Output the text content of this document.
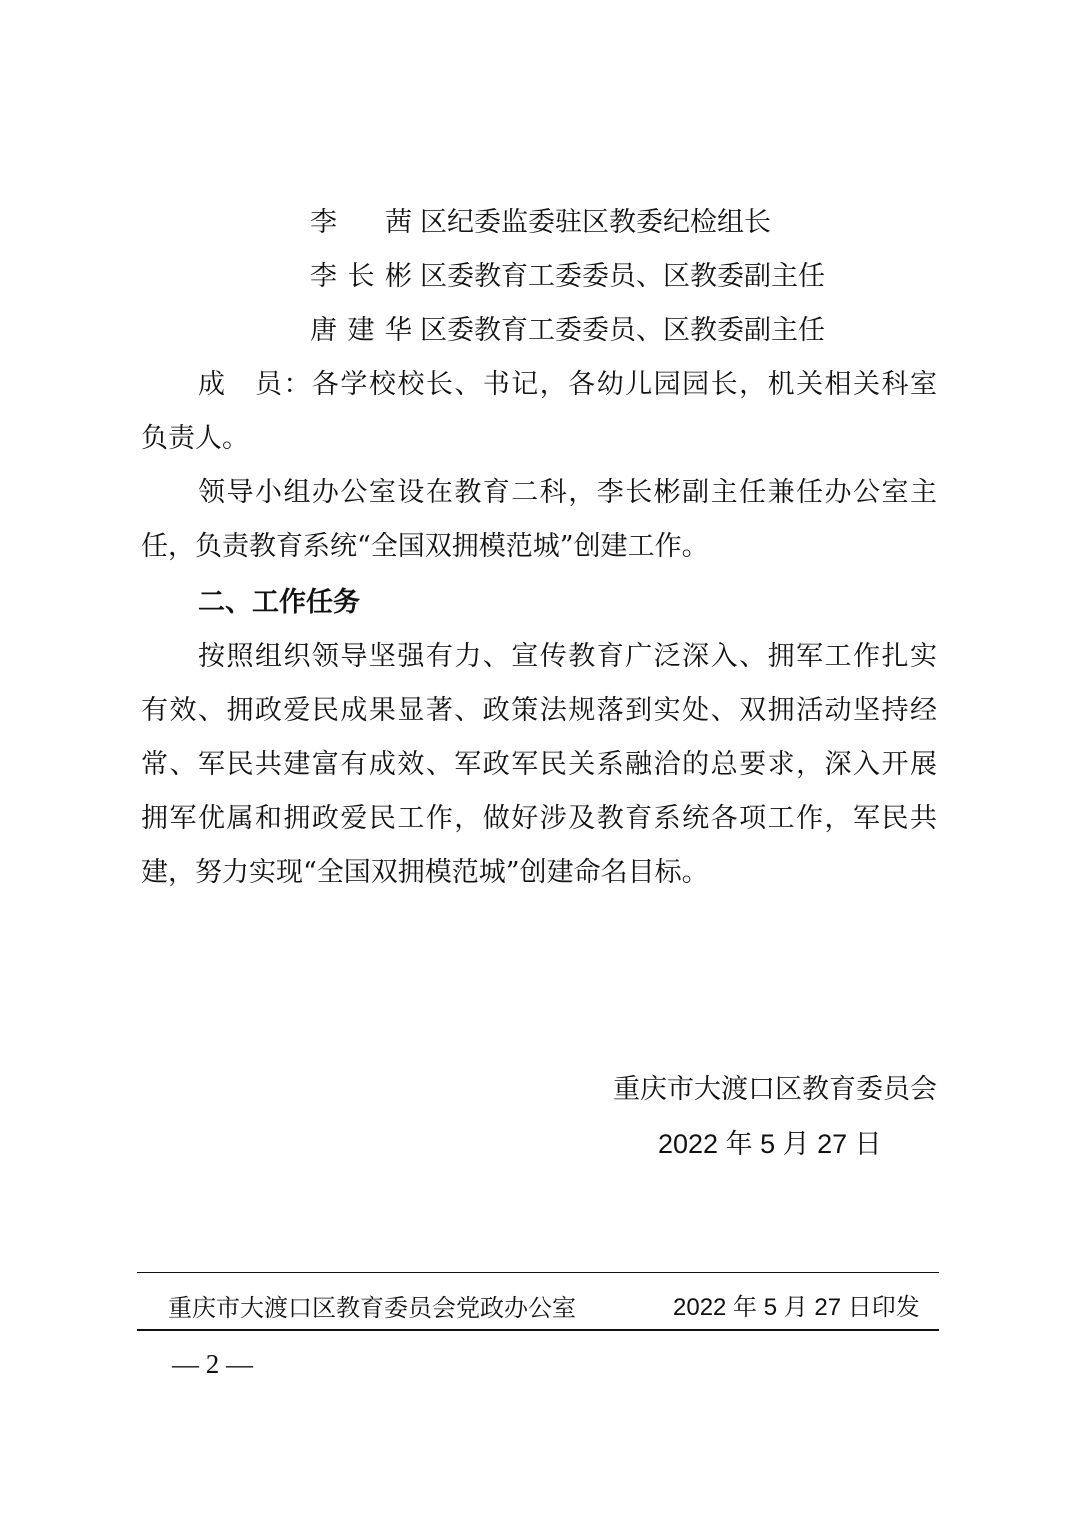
李　茜 区纪委监委驻区教委纪检组长
李长彬 区委教育工委委员、区教委副主任
唐建华 区委教育工委委员、区教委副主任
成　员：各学校校长、书记，各幼儿园园长，机关相关科室
负责人。
领导小组办公室设在教育二科，李长彬副主任兼任办公室主
任，负责教育系统“全国双拥模范城”创建工作。
二、工作任务
按照组织领导坚强有力、宣传教育广泛深入、拥军工作扎实
有效、拥政爱民成果显著、政策法规落到实处、双拥活动坚持经
常、军民共建富有成效、军政军民关系融洽的总要求，深入开展
拥军优属和拥政爱民工作，做好涉及教育系统各项工作，军民共
建，努力实现“全国双拥模范城”创建命名目标。
重庆市大渡口区教育委员会
2022 年 5 月 27 日
重庆市大渡口区教育委员会党政办公室	2022 年 5 月 27 日印发
— 2 —
